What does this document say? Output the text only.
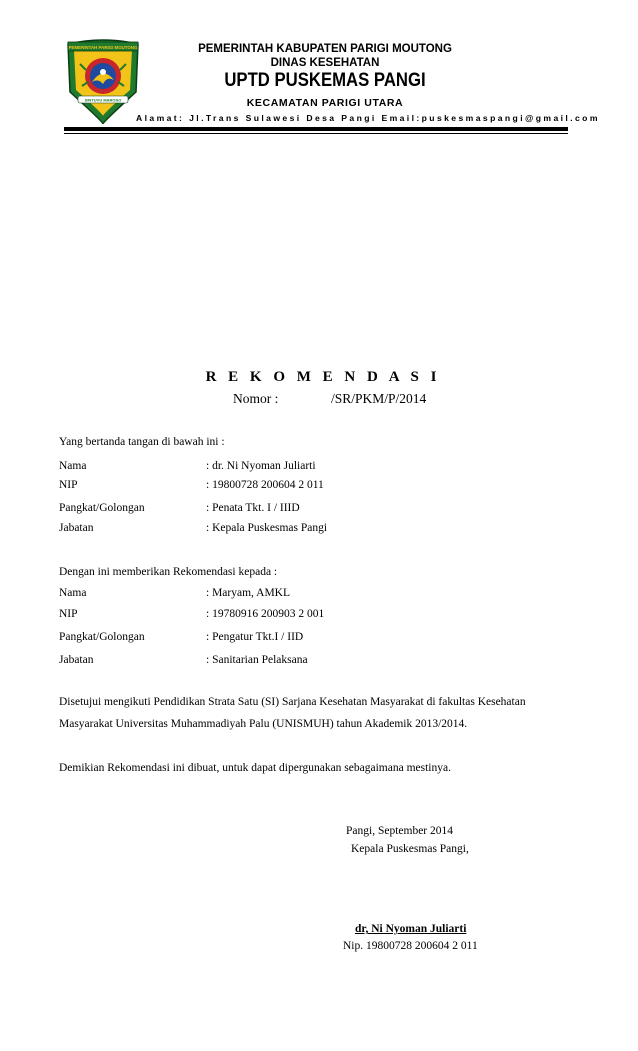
PEMERINTAH PARIGI MOUTONG
SINTUVU MAROSO
PEMERINTAH KABUPATEN PARIGI MOUTONG
DINAS KESEHATAN
UPTD PUSKEMAS PANGI
KECAMATAN PARIGI UTARA
Alamat: Jl.Trans Sulawesi Desa Pangi Email:puskesmaspangi@gmail.com
R E K O M E N D A S I
Nomor :	/SR/PKM/P/2014
Yang bertanda tangan di bawah ini :
Nama	: dr. Ni Nyoman Juliarti
NIP	: 19800728 200604 2 011
Pangkat/Golongan	: Penata Tkt. I / IIID
Jabatan	: Kepala Puskesmas Pangi
Dengan ini memberikan Rekomendasi kepada :
Nama	: Maryam, AMKL
NIP	: 19780916 200903 2 001
Pangkat/Golongan	: Pengatur Tkt.I / IID
Jabatan	: Sanitarian Pelaksana
Disetujui mengikuti Pendidikan Strata Satu (SI) Sarjana Kesehatan Masyarakat di fakultas Kesehatan
Masyarakat Universitas Muhammadiyah Palu (UNISMUH) tahun Akademik 2013/2014.
Demikian Rekomendasi ini dibuat, untuk dapat dipergunakan sebagaimana mestinya.
Pangi, September 2014
Kepala Puskesmas Pangi,
dr, Ni Nyoman Juliarti
Nip. 19800728 200604 2 011
